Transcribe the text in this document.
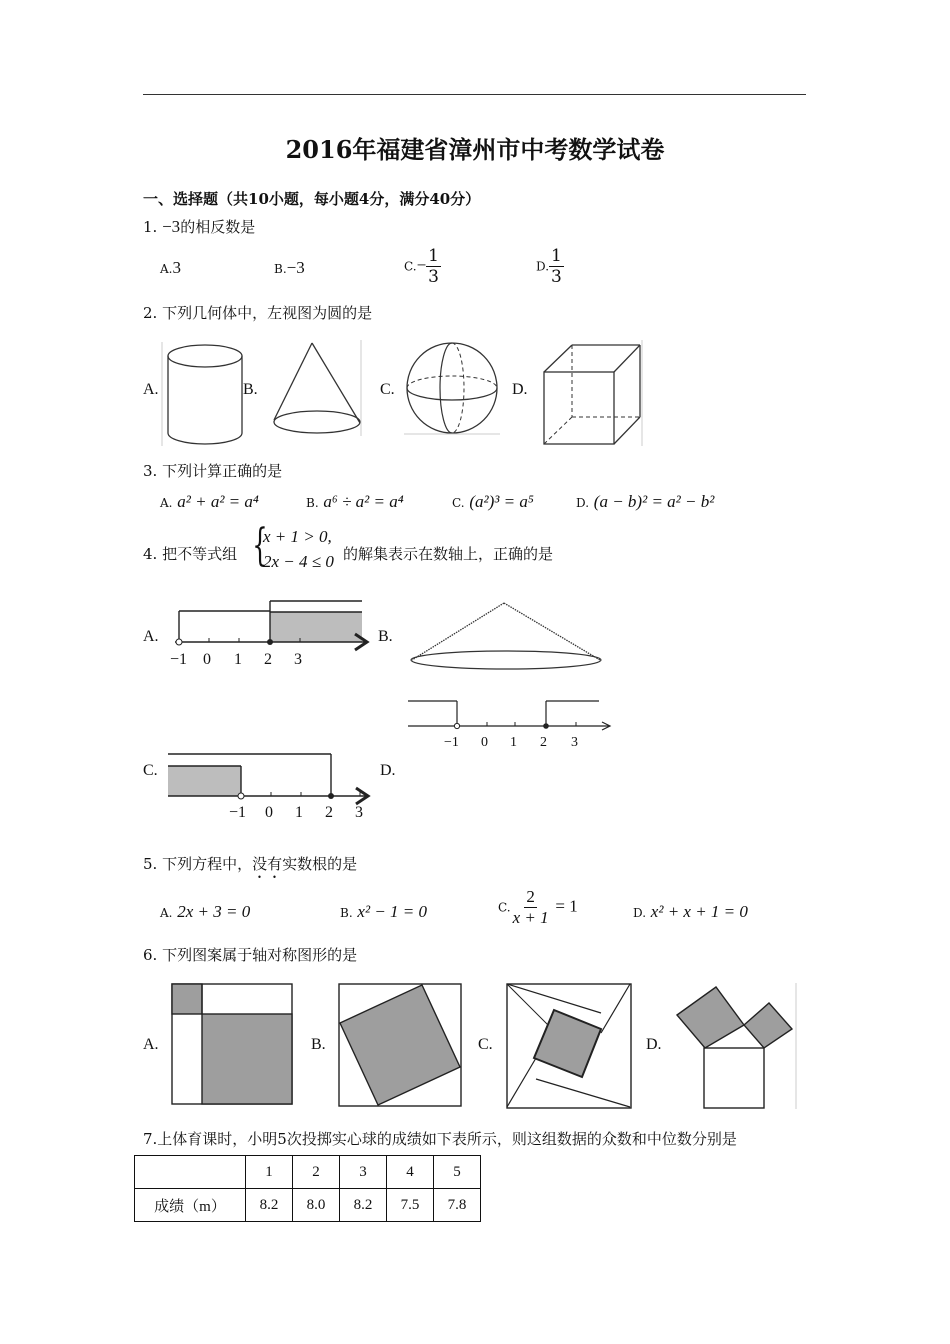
2016年福建省漳州市中考数学试卷
一、选择题（共10小题，每小题4分，满分40分）
1. −3的相反数是
A.3	B.−3	$C.- \frac{1}{3}$	D. $\frac{1}{3}$
2. 下列几何体中，左视图为圆的是
A.	B.	C.	D.
3. 下列计算正确的是
A. a² + a² = a⁴	B. a⁶ ÷ a² = a⁴	C. (a²)³ = a⁵	D. (a − b)² = a² − b²
4. 把不等式组 {
x + 1 > 0,
2x − 4 ≤ 0 的解集表示在数轴上，正确的是
A.	B.
C.	D.
−1 0 1 2 3
−1 0 1 2 3
−1 0 1 2 3
5. 下列方程中，没有实数根的是
A. 2x + 3 = 0	B. x² − 1 = 0	C. $\frac{2}{x + 1} = 1$	D. x² + x + 1 = 0
6. 下列图案属于轴对称图形的是
A.	B.	C.	D.
7.上体育课时，小明5次投掷实心球的成绩如下表所示，则这组数据的众数和中位数分别是
	1	2	3	4	5
成绩（m）	8.2	8.0	8.2	7.5	7.8
